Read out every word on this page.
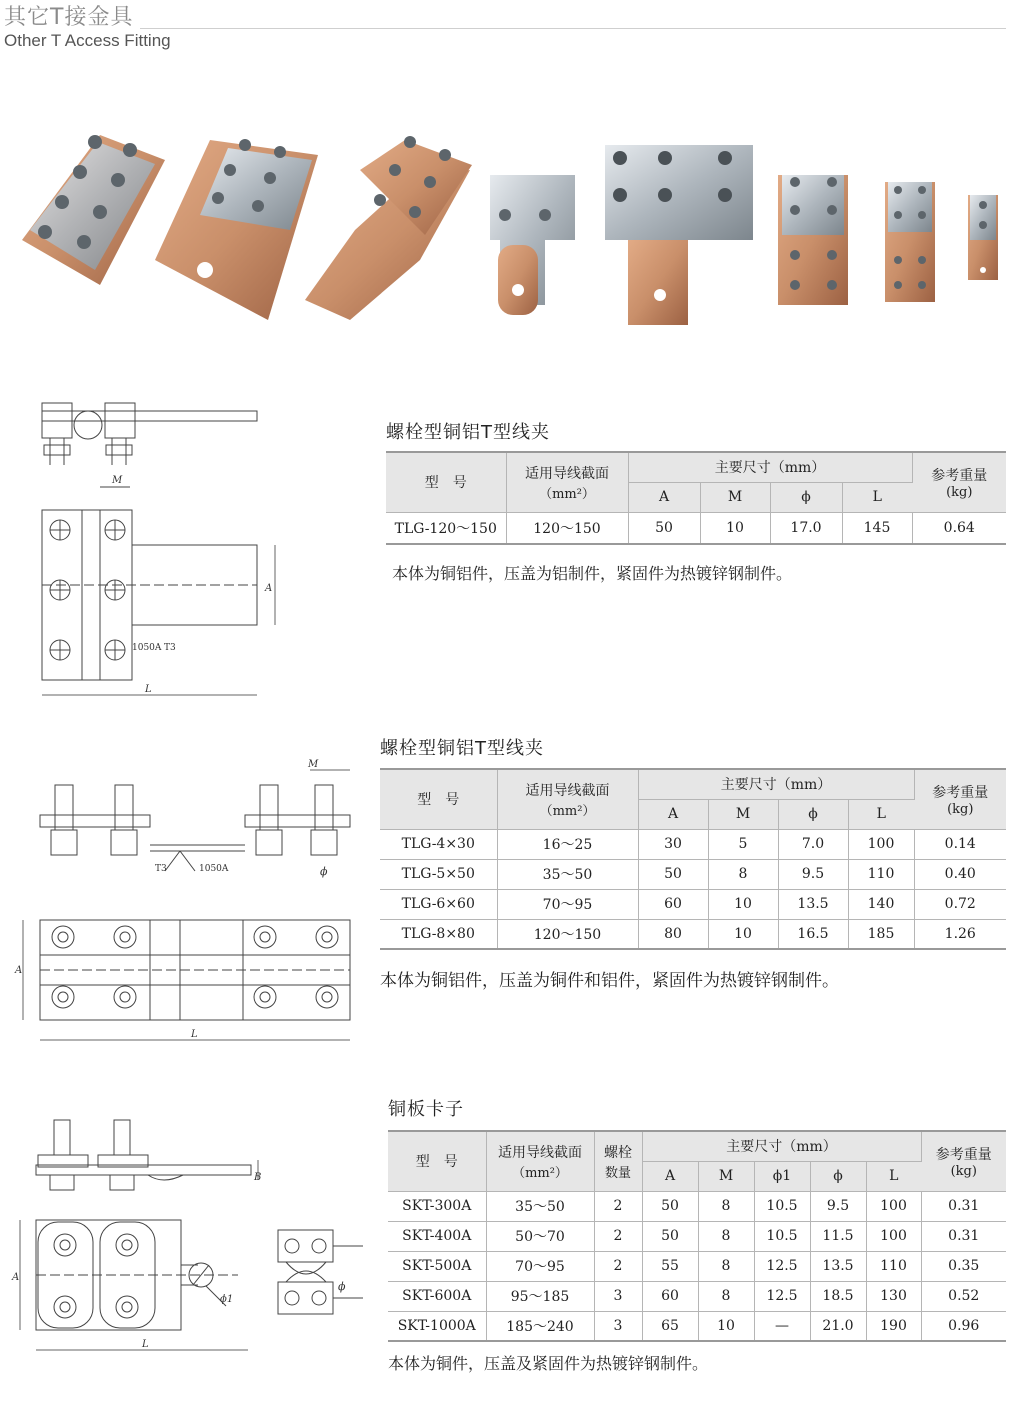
其它T接金具
Other T Access Fitting
M
A
L
1050A T3
螺栓型铜铝T型线夹
型　号	适用导线截面
（mm²）	主要尺寸（mm）				参考重量
(kg)

		A	M	ϕ	L	
TLG-120～150	120～150	50	10	17.0	145	0.64
本体为铜铝件，压盖为铝制件，紧固件为热镀锌钢制件。
M
T3	1050A	ϕ
A
L
螺栓型铜铝T型线夹
型　号	适用导线截面
（mm²）	主要尺寸（mm）				参考重量
(kg)

		A	M	ϕ	L	
TLG-4×30	16～25	30	5	7.0	100	0.14
TLG-5×50	35～50	50	8	9.5	110	0.40
TLG-6×60	70～95	60	10	13.5	140	0.72
TLG-8×80	120～150	80	10	16.5	185	1.26
本体为铜铝件，压盖为铜件和铝件，紧固件为热镀锌钢制件。
B
ϕ1
A
L
ϕ
铜板卡子
型　号	适用导线截面
（mm²）	螺栓
数量	主要尺寸（mm）					参考重量
(kg)

			A	M	ϕ1	ϕ	L	
SKT-300A	35～50	2	50	8	10.5	9.5	100	0.31
SKT-400A	50～70	2	50	8	10.5	11.5	100	0.31
SKT-500A	70～95	2	55	8	12.5	13.5	110	0.35
SKT-600A	95～185	3	60	8	12.5	18.5	130	0.52
SKT-1000A	185～240	3	65	10	—	21.0	190	0.96
本体为铜件，压盖及紧固件为热镀锌钢制件。
